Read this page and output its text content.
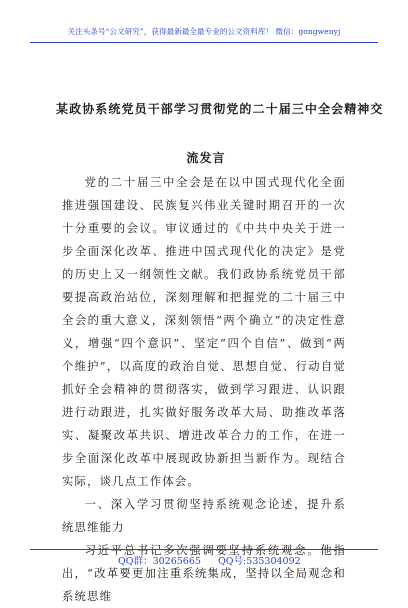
关注头条号“公文研究”，获得最新最全最专业的公文资料库！ 微信：gongwenyj
某政协系统党员干部学习贯彻党的二十届三中全会精神交
流发言

党的二十届三中全会是在以中国式现代化全面推进强国建设、民族复兴伟业关键时期召开的一次十分重要的会议。审议通过的《中共中央关于进一步全面深化改革、推进中国式现代化的决定》是党的历史上又一纲领性文献。我们政协系统党员干部要提高政治站位，深刻理解和把握党的二十届三中全会的重大意义，深刻领悟“两个确立”的决定性意义，增强“四个意识”、坚定“四个自信”、做到“两个维护”，以高度的政治自觉、思想自觉、行动自觉抓好全会精神的贯彻落实，做到学习跟进、认识跟进行动跟进，扎实做好服务改革大局、助推改革落实、凝聚改革共识、增进改革合力的工作，在进一步全面深化改革中展现政协新担当新作为。现结合实际，谈几点工作体会。

一、深入学习贯彻坚持系统观念论述，提升系统思维能力

习近平总书记多次强调要坚持系统观念。他指出，“改革要更加注重系统集成，坚持以全局观念和系统思维

QQ群：30265665 QQ号:535304092
